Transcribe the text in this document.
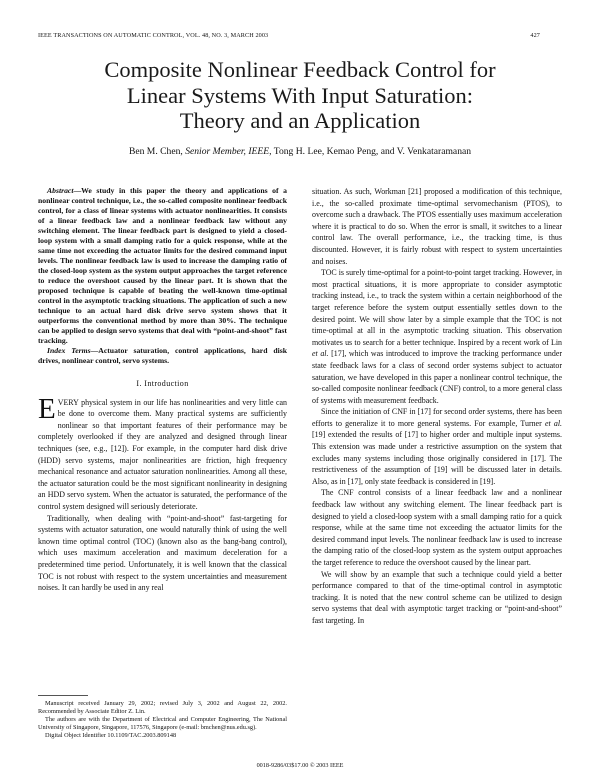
IEEE TRANSACTIONS ON AUTOMATIC CONTROL, VOL. 48, NO. 3, MARCH 2003	427
Composite Nonlinear Feedback Control for
Linear Systems With Input Saturation:
Theory and an Application
Ben M. Chen, Senior Member, IEEE, Tong H. Lee, Kemao Peng, and V. Venkataramanan

Abstract—We study in this paper the theory and applications of a nonlinear control technique, i.e., the so-called composite nonlinear feedback control, for a class of linear systems with actuator nonlinearities. It consists of a linear feedback law and a nonlinear feedback law without any switching element. The linear feedback part is designed to yield a closed-loop system with a small damping ratio for a quick response, while at the same time not exceeding the actuator limits for the desired command input levels. The nonlinear feedback law is used to increase the damping ratio of the closed-loop system as the system output approaches the target reference to reduce the overshoot caused by the linear part. It is shown that the proposed technique is capable of beating the well-known time-optimal control in the asymptotic tracking situations. The application of such a new technique to an actual hard disk drive servo system shows that it outperforms the conventional method by more than 30%. The technique can be applied to design servo systems that deal with “point-and-shoot” fast tracking.

Index Terms—Actuator saturation, control applications, hard disk drives, nonlinear control, servo systems.

I. Introduction

EVERY physical system in our life has nonlinearities and very little can be done to overcome them. Many practical systems are sufficiently nonlinear so that important features of their performance may be completely overlooked if they are analyzed and designed through linear techniques (see, e.g., [12]). For example, in the computer hard disk drive (HDD) servo systems, major nonlinearities are friction, high frequency mechanical resonance and actuator saturation nonlinearities. Among all these, the actuator saturation could be the most significant nonlinearity in designing an HDD servo system. When the actuator is saturated, the performance of the control system designed will seriously deteriorate.

Traditionally, when dealing with “point-and-shoot” fast-targeting for systems with actuator saturation, one would naturally think of using the well known time optimal control (TOC) (known also as the bang-bang control), which uses maximum acceleration and maximum deceleration for a predetermined time period. Unfortunately, it is well known that the classical TOC is not robust with respect to the system uncertainties and measurement noises. It can hardly be used in any real

Manuscript received January 29, 2002; revised July 3, 2002 and August 22, 2002. Recommended by Associate Editor Z. Lin.

The authors are with the Department of Electrical and Computer Engineering, The National University of Singapore, Singapore, 117576, Singapore (e-mail: bmchen@nus.edu.sg).

Digital Object Identifier 10.1109/TAC.2003.809148

situation. As such, Workman [21] proposed a modification of this technique, i.e., the so-called proximate time-optimal servomechanism (PTOS), to overcome such a drawback. The PTOS essentially uses maximum acceleration where it is practical to do so. When the error is small, it switches to a linear control law. The overall performance, i.e., the tracking time, is thus discounted. However, it is fairly robust with respect to system uncertainties and noises.

TOC is surely time-optimal for a point-to-point target tracking. However, in most practical situations, it is more appropriate to consider asymptotic tracking instead, i.e., to track the system within a certain neighborhood of the target reference before the system output essentially settles down to the desired point. We will show later by a simple example that the TOC is not time-optimal at all in the asymptotic tracking situation. This observation motivates us to search for a better technique. Inspired by a recent work of Lin et al. [17], which was introduced to improve the tracking performance under state feedback laws for a class of second order systems subject to actuator saturation, we have developed in this paper a nonlinear control technique, the so-called composite nonlinear feedback (CNF) control, to a more general class of systems with measurement feedback.

Since the initiation of CNF in [17] for second order systems, there has been efforts to generalize it to more general systems. For example, Turner et al. [19] extended the results of [17] to higher order and multiple input systems. This extension was made under a restrictive assumption on the system that excludes many systems including those originally considered in [17]. The restrictiveness of the assumption of [19] will be discussed later in details. Also, as in [17], only state feedback is considered in [19].

The CNF control consists of a linear feedback law and a nonlinear feedback law without any switching element. The linear feedback part is designed to yield a closed-loop system with a small damping ratio for a quick response, while at the same time not exceeding the actuator limits for the desired command input levels. The nonlinear feedback law is used to increase the damping ratio of the closed-loop system as the system output approaches the target reference to reduce the overshoot caused by the linear part.

We will show by an example that such a technique could yield a better performance compared to that of the time-optimal control in asymptotic tracking. It is noted that the new control scheme can be utilized to design servo systems that deal with asymptotic target tracking or “point-and-shoot” fast targeting. In

0018-9286/03$17.00 © 2003 IEEE
